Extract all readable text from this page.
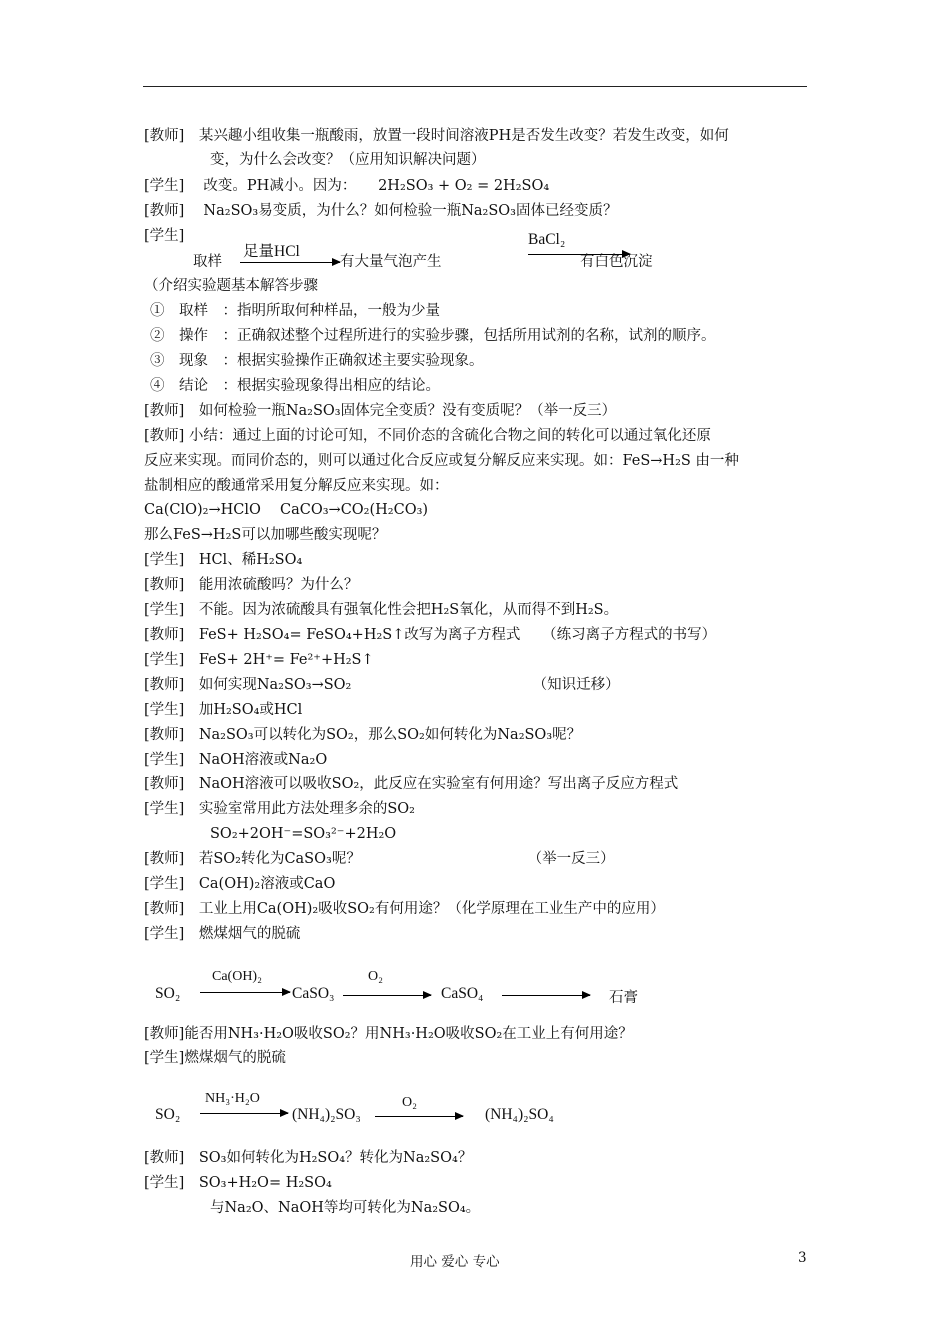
[教师]　某兴趣小组收集一瓶酸雨，放置一段时间溶液PH是否发生改变？若发生改变，如何
变，为什么会改变？（应用知识解决问题）
[学生]　 改变。PH减小。因为：　　2H₂SO₃ + O₂ = 2H₂SO₄
[教师]　 Na₂SO₃易变质，为什么？如何检验一瓶Na₂SO₃固体已经变质？
[学生]
取样
足量HCl
有大量气泡产生
BaCl₂
有白色沉淀
（介绍实验题基本解答步骤
①　取样　：指明所取何种样品，一般为少量
②　操作　：正确叙述整个过程所进行的实验步骤，包括所用试剂的名称，试剂的顺序。
③　现象　：根据实验操作正确叙述主要实验现象。
④　结论　：根据实验现象得出相应的结论。
[教师]　如何检验一瓶Na₂SO₃固体完全变质？没有变质呢？（举一反三）
[教师] 小结：通过上面的讨论可知，不同价态的含硫化合物之间的转化可以通过氧化还原
反应来实现。而同价态的，则可以通过化合反应或复分解反应来实现。如：FeS→H₂S 由一种
盐制相应的酸通常采用复分解反应来实现。如：
Ca(ClO)₂→HClO　 CaCO₃→CO₂(H₂CO₃)
那么FeS→H₂S可以加哪些酸实现呢？
[学生]　HCl、稀H₂SO₄
[教师]　能用浓硫酸吗？为什么？
[学生]　不能。因为浓硫酸具有强氧化性会把H₂S氧化，从而得不到H₂S。
[教师]　FeS+ H₂SO₄= FeSO₄+H₂S↑改写为离子方程式　　（练习离子方程式的书写）
[学生]　FeS+ 2H⁺= Fe²⁺+H₂S↑
[教师]　如何实现Na₂SO₃→SO₂　　　　　　　　　　　　　（知识迁移）
[学生]　加H₂SO₄或HCl
[教师]　Na₂SO₃可以转化为SO₂，那么SO₂如何转化为Na₂SO₃呢？
[学生]　NaOH溶液或Na₂O
[教师]　NaOH溶液可以吸收SO₂，此反应在实验室有何用途？写出离子反应方程式
[学生]　实验室常用此方法处理多余的SO₂
SO₂+2OH⁻=SO₃²⁻+2H₂O
[教师]　若SO₂转化为CaSO₃呢？　　　　　　　　　　　　（举一反三）
[学生]　Ca(OH)₂溶液或CaO
[教师]　工业上用Ca(OH)₂吸收SO₂有何用途？（化学原理在工业生产中的应用）
[学生]　燃煤烟气的脱硫
SO₂
Ca(OH)₂
CaSO₃
O₂
CaSO₄	石膏
[教师]能否用NH₃·H₂O吸收SO₂？用NH₃·H₂O吸收SO₂在工业上有何用途？
[学生]燃煤烟气的脱硫
SO₂
NH₃·H₂O
(NH₄)₂SO₃
O₂
(NH₄)₂SO₄
[教师]　SO₃如何转化为H₂SO₄？转化为Na₂SO₄？
[学生]　SO₃+H₂O= H₂SO₄
与Na₂O、NaOH等均可转化为Na₂SO₄。
用心 爱心 专心	3
